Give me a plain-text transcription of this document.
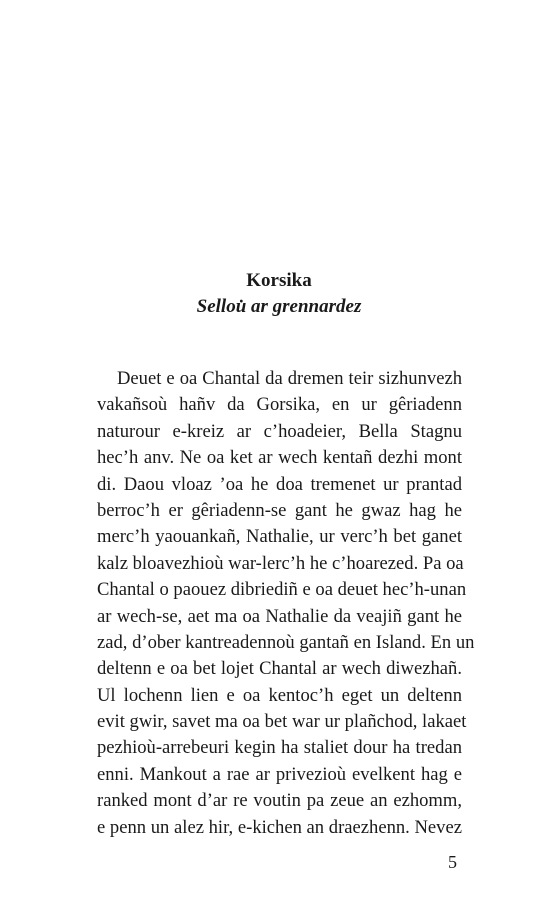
Korsika
Sellou̇ ar grennardez
Deuet e oa Chantal da dremen teir sizhunvezh
vakañsoù hañv da Gorsika, en ur gêriadenn
naturour e-kreiz ar c’hoadeier, Bella Stagnu
hec’h anv. Ne oa ket ar wech kentañ dezhi mont
di. Daou vloaz ’oa he doa tremenet ur prantad
berroc’h er gêriadenn-se gant he gwaz hag he
merc’h yaouankañ, Nathalie, ur verc’h bet ganet
kalz bloavezhioù war-lerc’h he c’hoarezed. Pa oa
Chantal o paouez dibriediñ e oa deuet hec’h-unan
ar wech-se, aet ma oa Nathalie da veajiñ gant he
zad, d’ober kantreadennoù gantañ en Island. En un
deltenn e oa bet lojet Chantal ar wech diwezhañ.
Ul lochenn lien e oa kentoc’h eget un deltenn
evit gwir, savet ma oa bet war ur plañchod, lakaet
pezhioù-arrebeuri kegin ha staliet dour ha tredan
enni. Mankout a rae ar privezioù evelkent hag e
ranked mont d’ar re voutin pa zeue an ezhomm,
e penn un alez hir, e-kichen an draezhenn. Nevez
5
